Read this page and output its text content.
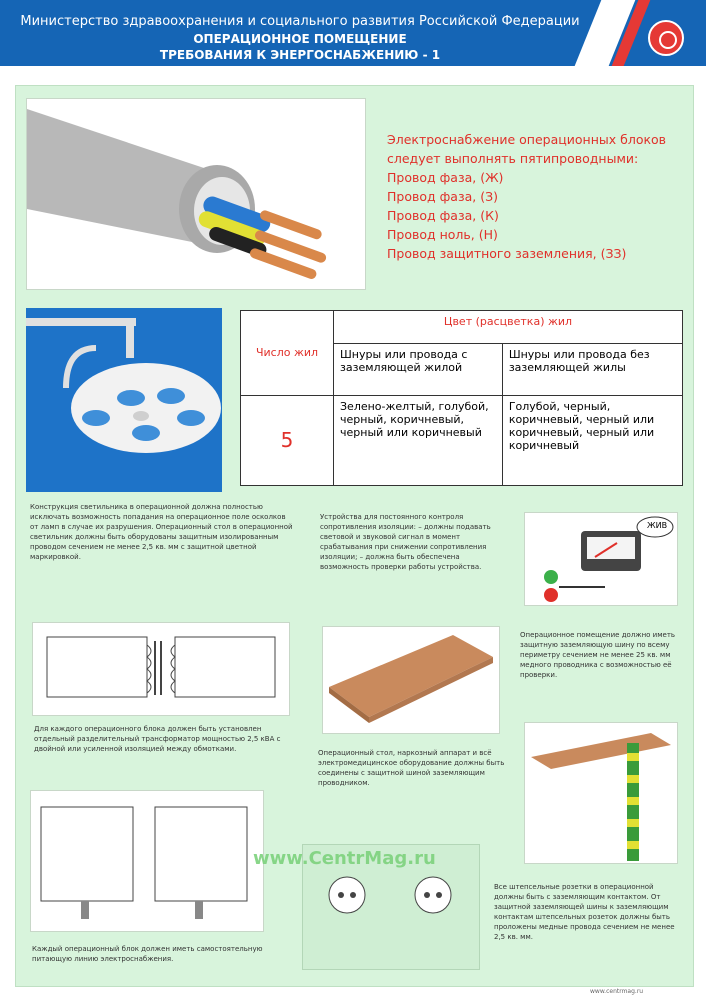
Министерство здравоохранения и социального развития Российской Федерации
ОПЕРАЦИОННОЕ ПОМЕЩЕНИЕ
ТРЕБОВАНИЯ К ЭНЕРГОСНАБЖЕНИЮ - 1
Электроснабжение операционных блоков следует выполнять пятипроводными:
Провод фаза, (Ж)
Провод фаза, (З)
Провод фаза, (К)
Провод ноль, (Н)
Провод защитного заземления, (ЗЗ)
Число жил	Цвет (расцветка) жил	
	Шнуры или провода с заземляющей жилой	Шнуры или провода без заземляющей жилы
5	Зелено-желтый, голубой, черный, коричневый, черный или коричневый	Голубой, черный, коричневый, черный или коричневый, черный или коричневый
Конструкция светильника в операционной должна полностью исключать возможность попадания на операционное поле осколков от ламп в случае их разрушения. Операционный стол в операционной светильник должны быть оборудованы защитным изолированным проводом сечением не менее 2,5 кв. мм с защитной цветной маркировкой.
Устройства для постоянного контроля сопротивления изоляции: – должны подавать световой и звуковой сигнал в момент срабатывания при снижении сопротивления изоляции; – должна быть обеспечена возможность проверки работы устройства.
ЖИВ
Операционное помещение должно иметь защитную заземляющую шину по всему периметру сечением не менее 25 кв. мм медного проводника с возможностью её проверки.
Для каждого операционного блока должен быть установлен отдельный разделительный трансформатор мощностью 2,5 кВА с двойной или усиленной изоляцией между обмотками.	Операционный стол, наркозный аппарат и всё электромедицинское оборудование должны быть соединены с защитной шиной заземляющим проводником.
Все штепсельные розетки в операционной должны быть с заземляющим контактом. От защитной заземляющей шины к заземляющим контактам штепсельных розеток должны быть проложены медные провода сечением не менее 2,5 кв. мм.
Каждый операционный блок должен иметь самостоятельную питающую линию электроснабжения.
www.CentrMag.ru
www.centrmag.ru
